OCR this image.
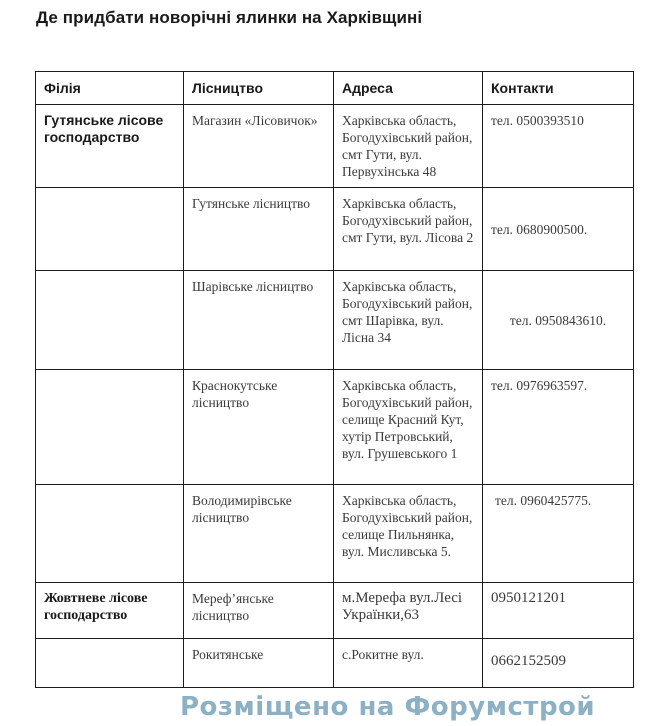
Де придбати новорічні ялинки на Харківщині
Філія	Лісництво	Адреса	Контакти
Гутянське лісове господарство	Магазин «Лісовичок»	Харківська область, Богодухівський район, смт Гути, вул. Первухінська 48	тел. 0500393510
	Гутянське лісництво	Харківська область, Богодухівський район, смт Гути, вул. Лісова 2	тел. 0680900500.
	Шарівське лісництво	Харківська область, Богодухівський район, смт Шарівка, вул. Лісна 34	тел. 0950843610.
	Краснокутське лісництво	Харківська область, Богодухівський район, селище Красний Кут, хутір Петровський, вул. Грушевського 1	тел. 0976963597.
	Володимирівське лісництво	Харківська область, Богодухівський район, селище Пильнянка, вул. Мисливська 5.	тел. 0960425775.
Жовтневе лісове господарство	Мереф’янське лісництво	м.Мерефа вул.Лесі Українки,63	0950121201
	Рокитянське	с.Рокитне вул.	0662152509
Розміщено на Форумстрой
